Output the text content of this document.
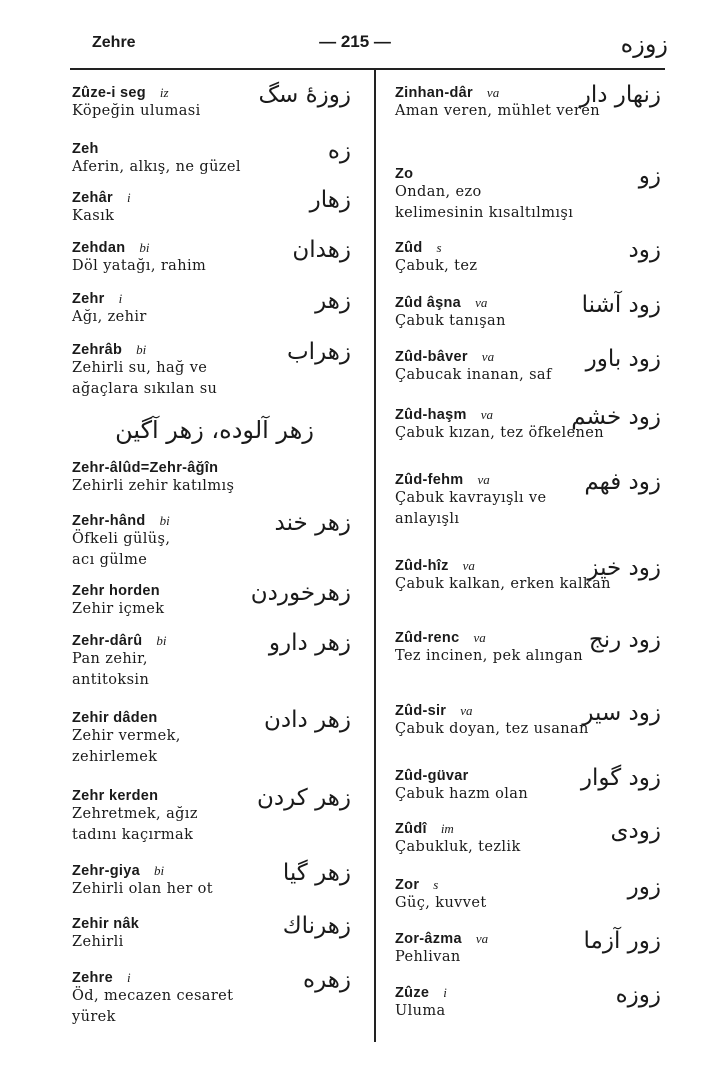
Zehre	— 215 —	زوزه
Zûze-i seg iz
Köpeğin ulumasi
زوزهٔ سگ
Zeh
Aferin, alkış, ne güzel
زه
Zehâr i
Kasık
زهار
Zehdan bi
Döl yatağı, rahim
زهدان
Zehr i
Ağı, zehir
زهر
Zehrâb bi
Zehirli su, hağ ve
ağaçlara sıkılan su
زهراب
زهر آلوده، زهر آگين
Zehr-âlûd=Zehr-âğîn
Zehirli zehir katılmış
Zehr-hând bi
Öfkeli gülüş,
acı gülme
زهر خند
Zehr horden
Zehir içmek
زهرخوردن
Zehr-dârû bi
Pan zehir,
antitoksin
زهر دارو
Zehir dâden
Zehir vermek,
zehirlemek
زهر دادن
Zehr kerden
Zehretmek, ağız
tadını kaçırmak
زهر كردن
Zehr-giya bi
Zehirli olan her ot
زهر گيا
Zehir nâk
Zehirli
زهرناك
Zehre i
Öd, mecazen cesaret
yürek
زهره
Zinhan-dâr va
Aman veren, mühlet veren
زنهار دار
Zo
Ondan, ezo
kelimesinin kısaltılmışı
زو
Zûd s
Çabuk, tez
زود
Zûd âşna va
Çabuk tanışan
زود آشنا
Zûd-bâver va
Çabucak inanan, saf
زود باور
Zûd-haşm va
Çabuk kızan, tez öfkelenen
زود خشم
Zûd-fehm va
Çabuk kavrayışlı ve
anlayışlı
زود فهم
Zûd-hîz va
Çabuk kalkan, erken kalkan
زود خيز
Zûd-renc va
Tez incinen, pek alıngan
زود رنج
Zûd-sir va
Çabuk doyan, tez usanan
زود سير
Zûd-güvar
Çabuk hazm olan
زود گوار
Zûdî im
Çabukluk, tezlik
زودى
Zor s
Güç, kuvvet
زور
Zor-âzma va
Pehlivan
زور آزما
Zûze i
Uluma
زوزه
